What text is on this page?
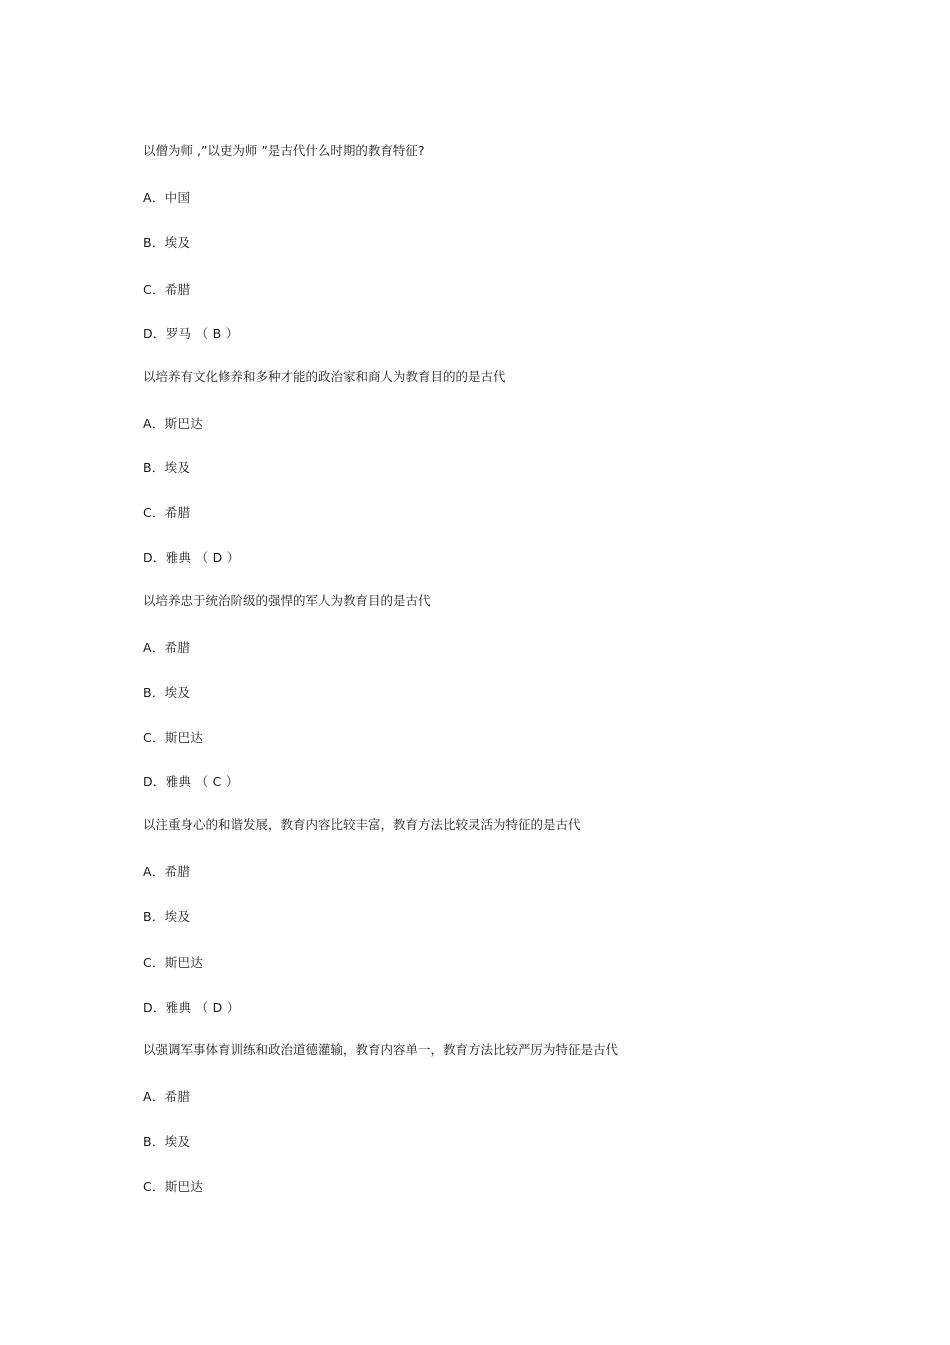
以僧为师 ,”以吏为师 ”是古代什么时期的教育特征?
A．中国
B．埃及
C．希腊
D．罗马 （ B ）
以培养有文化修养和多种才能的政治家和商人为教育目的的是古代
A．斯巴达
B．埃及
C．希腊
D．雅典 （ D ）
以培养忠于统治阶级的强悍的军人为教育目的是古代
A．希腊
B．埃及
C．斯巴达
D．雅典 （ C ）
以注重身心的和谐发展，教育内容比较丰富，教育方法比较灵活为特征的是古代
A．希腊
B．埃及
C．斯巴达
D．雅典 （ D ）
以强调军事体育训练和政治道德灌输，教育内容单一，教育方法比较严厉为特征是古代
A．希腊
B．埃及
C．斯巴达
